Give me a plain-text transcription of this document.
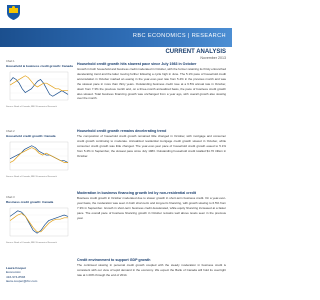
RBC ECONOMICS | RESEARCH
CURRENT ANALYSIS
November 2013
Chart 1
Household & business credit growth: Canada
Source: Bank of Canada, RBC Economics Research
Chart 2
Household credit growth: Canada
Source: Bank of Canada, RBC Economics Research
Chart 3
Business credit growth: Canada
Source: Bank of Canada, RBC Economics Research
Household credit growth hits slowest pace since July 1983 in October

Growth in both household and business credit moderated in October, with the former retaining its firmly entrenched decelerating trend and the latter moving further following a cycle high in June. The 5.1% pace of household credit accumulation in October marked an easing in the year-over-year rate from 5.4% in the previous month and was the slowest pace in more than thirty years. Outstanding business credit rose at a 6.5% annual rate in October, down from 7.3% the previous month and, on a three-month annualized basis, the pace of business credit growth also slowed. Total business financing growth was unchanged from a year ago, with overall growth also slowing over the month.

Household credit growth remains decelerating trend

The composition of household credit growth remained little changed in October, with mortgage and consumer credit growth continuing to moderate. Annualized residential mortgage credit growth slowed in October, while consumer credit growth was little changed. The year-over-year pace of household credit growth eased to 5.1% from 5.4% in September, the slowest pace since July 1983. Outstanding household credit totalled $1.76 trillion in October.

Moderation in business financing growth led by non-residential credit

Business credit growth in October moderated due to slower growth in short-term business credit. On a year-over-year basis, the moderation was seen in both short-term and long-term financing, with growth slowing to 6.5% from 7.3% in September. Growth in short-term business credit decelerated, while equity financing increased at a faster pace. The overall pace of business financing growth in October remains well above levels seen in the previous year.

Credit environment to support GDP growth

The continued slowing in personal credit growth coupled with the steady moderation in business credit is consistent with our view of tepid demand in the economy. We expect the Bank of Canada will hold its overnight rate at 1.00% through the end of 2014.

Laura Cooper
Economist
416-974-8593
laura.cooper@rbc.com
